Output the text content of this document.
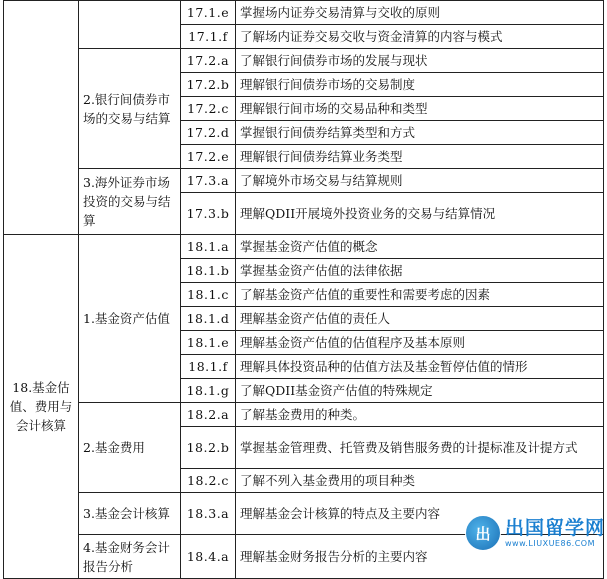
		17.1.e	掌握场内证券交易清算与交收的原则
		17.1.f	了解场内证券交易交收与资金清算的内容与模式
	2.银行间债券市场的交易与结算	17.2.a	了解银行间债券市场的发展与现状
		17.2.b	理解银行间债券市场的交易制度
		17.2.c	理解银行间市场的交易品种和类型
		17.2.d	掌握银行间债券结算类型和方式
		17.2.e	理解银行间债券结算业务类型
	3.海外证券市场投资的交易与结算	17.3.a	了解境外市场交易与结算规则
		17.3.b	理解QDII开展境外投资业务的交易与结算情况
18.基金估值、费用与会计核算	1.基金资产估值	18.1.a	掌握基金资产估值的概念
		18.1.b	掌握基金资产估值的法律依据
		18.1.c	了解基金资产估值的重要性和需要考虑的因素
		18.1.d	理解基金资产估值的责任人
		18.1.e	理解基金资产估值的估值程序及基本原则
		18.1.f	理解具体投资品种的估值方法及基金暂停估值的情形
		18.1.g	了解QDII基金资产估值的特殊规定
	2.基金费用	18.2.a	了解基金费用的种类。
		18.2.b	掌握基金管理费、托管费及销售服务费的计提标准及计提方式
		18.2.c	了解不列入基金费用的项目种类
	3.基金会计核算	18.3.a	理解基金会计核算的特点及主要内容
	4.基金财务会计报告分析	18.4.a	理解基金财务报告分析的主要内容
出 出国留学网
www.LIUXUE86.COM
